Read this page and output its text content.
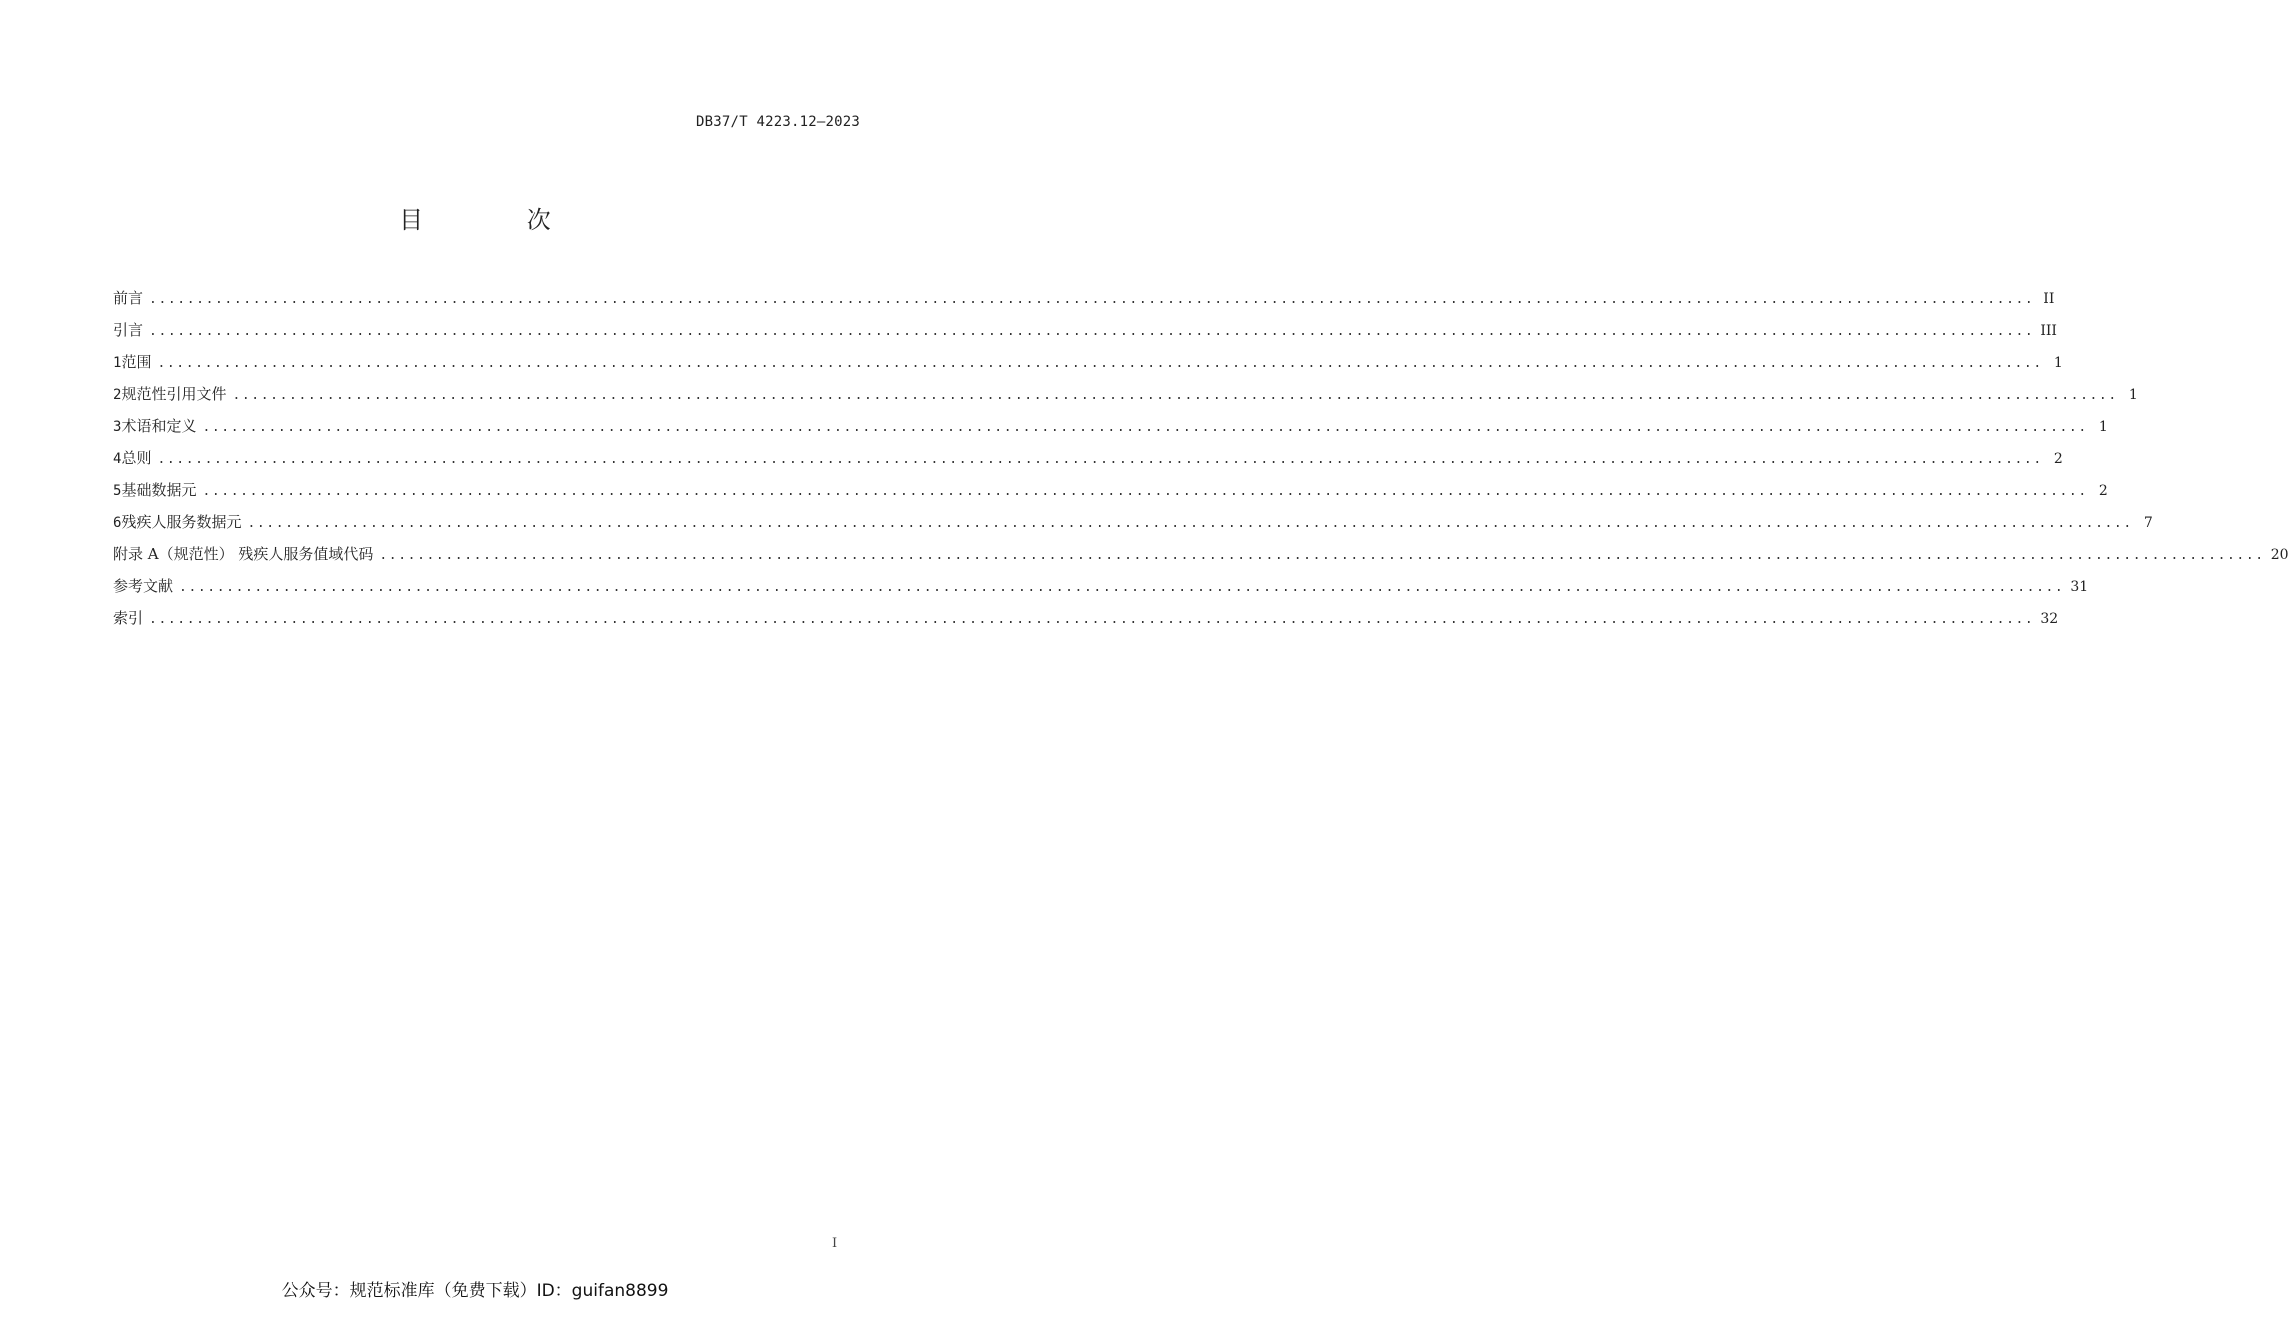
DB37/T 4223.12—2023
目 次
前言 ........................................................................................................................................................................................................ II
引言 ........................................................................................................................................................................................................ III
1 范围 ........................................................................................................................................................................................................ 1
2 规范性引用文件 ........................................................................................................................................................................................................ 1
3 术语和定义 ........................................................................................................................................................................................................ 1
4 总则 ........................................................................................................................................................................................................ 2
5 基础数据元 ........................................................................................................................................................................................................ 2
6 残疾人服务数据元 ........................................................................................................................................................................................................ 7
附录 A（规范性） 残疾人服务值域代码 ........................................................................................................................................................................................................ 20
参考文献 ........................................................................................................................................................................................................ 31
索引 ........................................................................................................................................................................................................ 32
I
公众号：规范标准库（免费下载）ID：guifan8899
